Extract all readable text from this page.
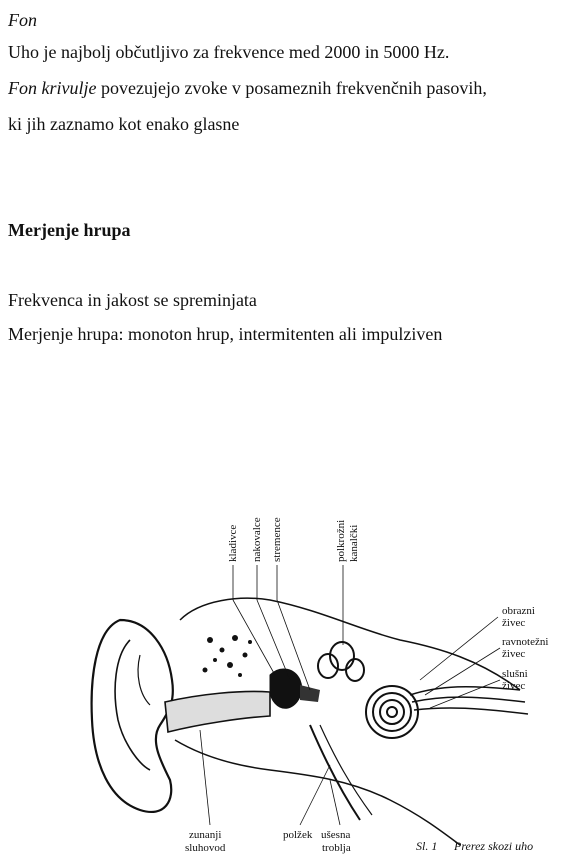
Fon
Uho je najbolj občutljivo za frekvence med 2000 in 5000 Hz.
Fon krivulje povezujejo zvoke v posameznih frekvenčnih pasovih,
ki jih zaznamo kot enako glasne
Merjenje hrupa
Frekvenca in jakost se spreminjata
Merjenje hrupa: monoton hrup, intermitenten ali impulziven
kladivce nakovalce stremence	polkrožni kanalčki
obrazni
živec
ravnotežni
živec
slušni
živec
zunanji
sluhovod
polžek ušesna
troblja	Sl. 1 Prerez skozi uho
